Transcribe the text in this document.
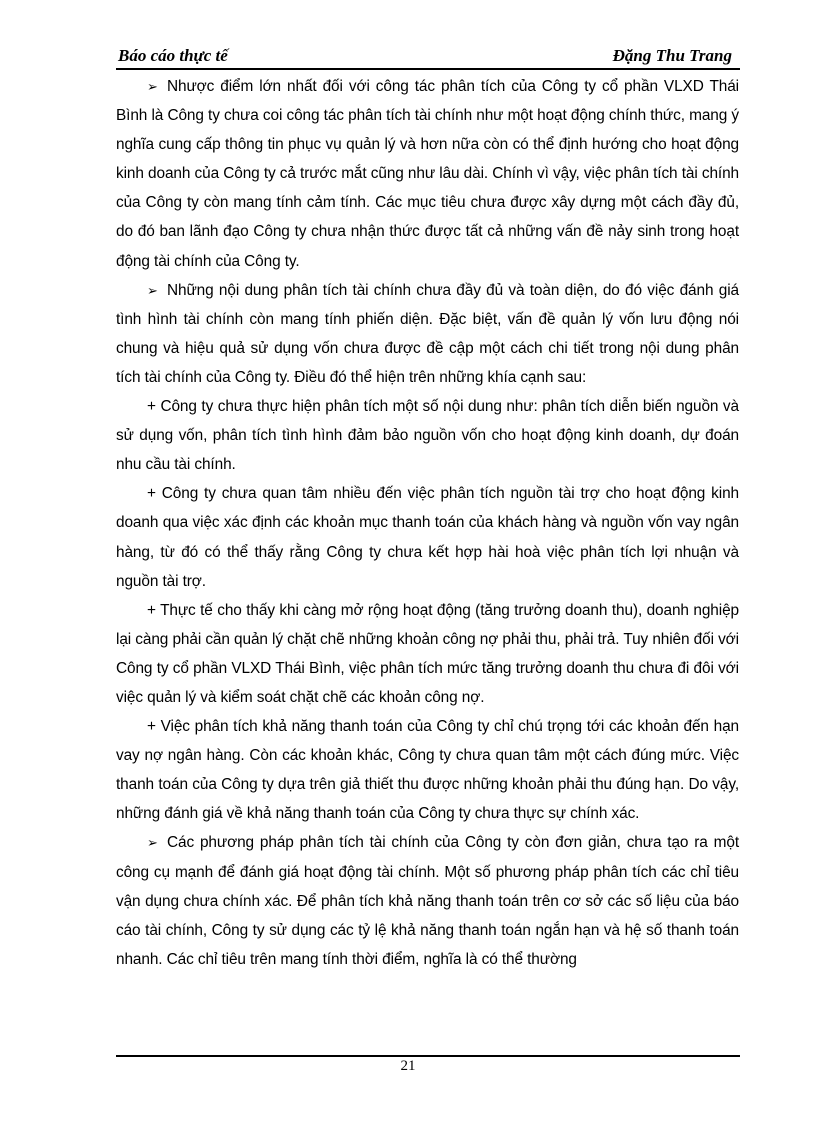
Báo cáo thực tế	Đặng Thu Trang

➢ Nhược điểm lớn nhất đối với công tác phân tích của Công ty cổ phần VLXD Thái Bình là Công ty chưa coi công tác phân tích tài chính như một hoạt động chính thức, mang ý nghĩa cung cấp thông tin phục vụ quản lý và hơn nữa còn có thể định hướng cho hoạt động kinh doanh của Công ty cả trước mắt cũng như lâu dài. Chính vì vậy, việc phân tích tài chính của Công ty còn mang tính cảm tính. Các mục tiêu chưa được xây dựng một cách đầy đủ, do đó ban lãnh đạo Công ty chưa nhận thức được tất cả những vấn đề nảy sinh trong hoạt động tài chính của Công ty.

➢ Những nội dung phân tích tài chính chưa đầy đủ và toàn diện, do đó việc đánh giá tình hình tài chính còn mang tính phiến diện. Đặc biệt, vấn đề quản lý vốn lưu động nói chung và hiệu quả sử dụng vốn chưa được đề cập một cách chi tiết trong nội dung phân tích tài chính của Công ty. Điều đó thể hiện trên những khía cạnh sau:

+ Công ty chưa thực hiện phân tích một số nội dung như: phân tích diễn biến nguồn và sử dụng vốn, phân tích tình hình đảm bảo nguồn vốn cho hoạt động kinh doanh, dự đoán nhu cầu tài chính.

+ Công ty chưa quan tâm nhiều đến việc phân tích nguồn tài trợ cho hoạt động kinh doanh qua việc xác định các khoản mục thanh toán của khách hàng và nguồn vốn vay ngân hàng, từ đó có thể thấy rằng Công ty chưa kết hợp hài hoà việc phân tích lợi nhuận và nguồn tài trợ.

+ Thực tế cho thấy khi càng mở rộng hoạt động (tăng trưởng doanh thu), doanh nghiệp lại càng phải cần quản lý chặt chẽ những khoản công nợ phải thu, phải trả. Tuy nhiên đối với Công ty cổ phần VLXD Thái Bình, việc phân tích mức tăng trưởng doanh thu chưa đi đôi với việc quản lý và kiểm soát chặt chẽ các khoản công nợ.

+ Việc phân tích khả năng thanh toán của Công ty chỉ chú trọng tới các khoản đến hạn vay nợ ngân hàng. Còn các khoản khác, Công ty chưa quan tâm một cách đúng mức. Việc thanh toán của Công ty dựa trên giả thiết thu được những khoản phải thu đúng hạn. Do vậy, những đánh giá về khả năng thanh toán của Công ty chưa thực sự chính xác.

➢ Các phương pháp phân tích tài chính của Công ty còn đơn giản, chưa tạo ra một công cụ mạnh để đánh giá hoạt động tài chính. Một số phương pháp phân tích các chỉ tiêu vận dụng chưa chính xác. Để phân tích khả năng thanh toán trên cơ sở các số liệu của báo cáo tài chính, Công ty sử dụng các tỷ lệ khả năng thanh toán ngắn hạn và hệ số thanh toán nhanh. Các chỉ tiêu trên mang tính thời điểm, nghĩa là có thể thường

21
